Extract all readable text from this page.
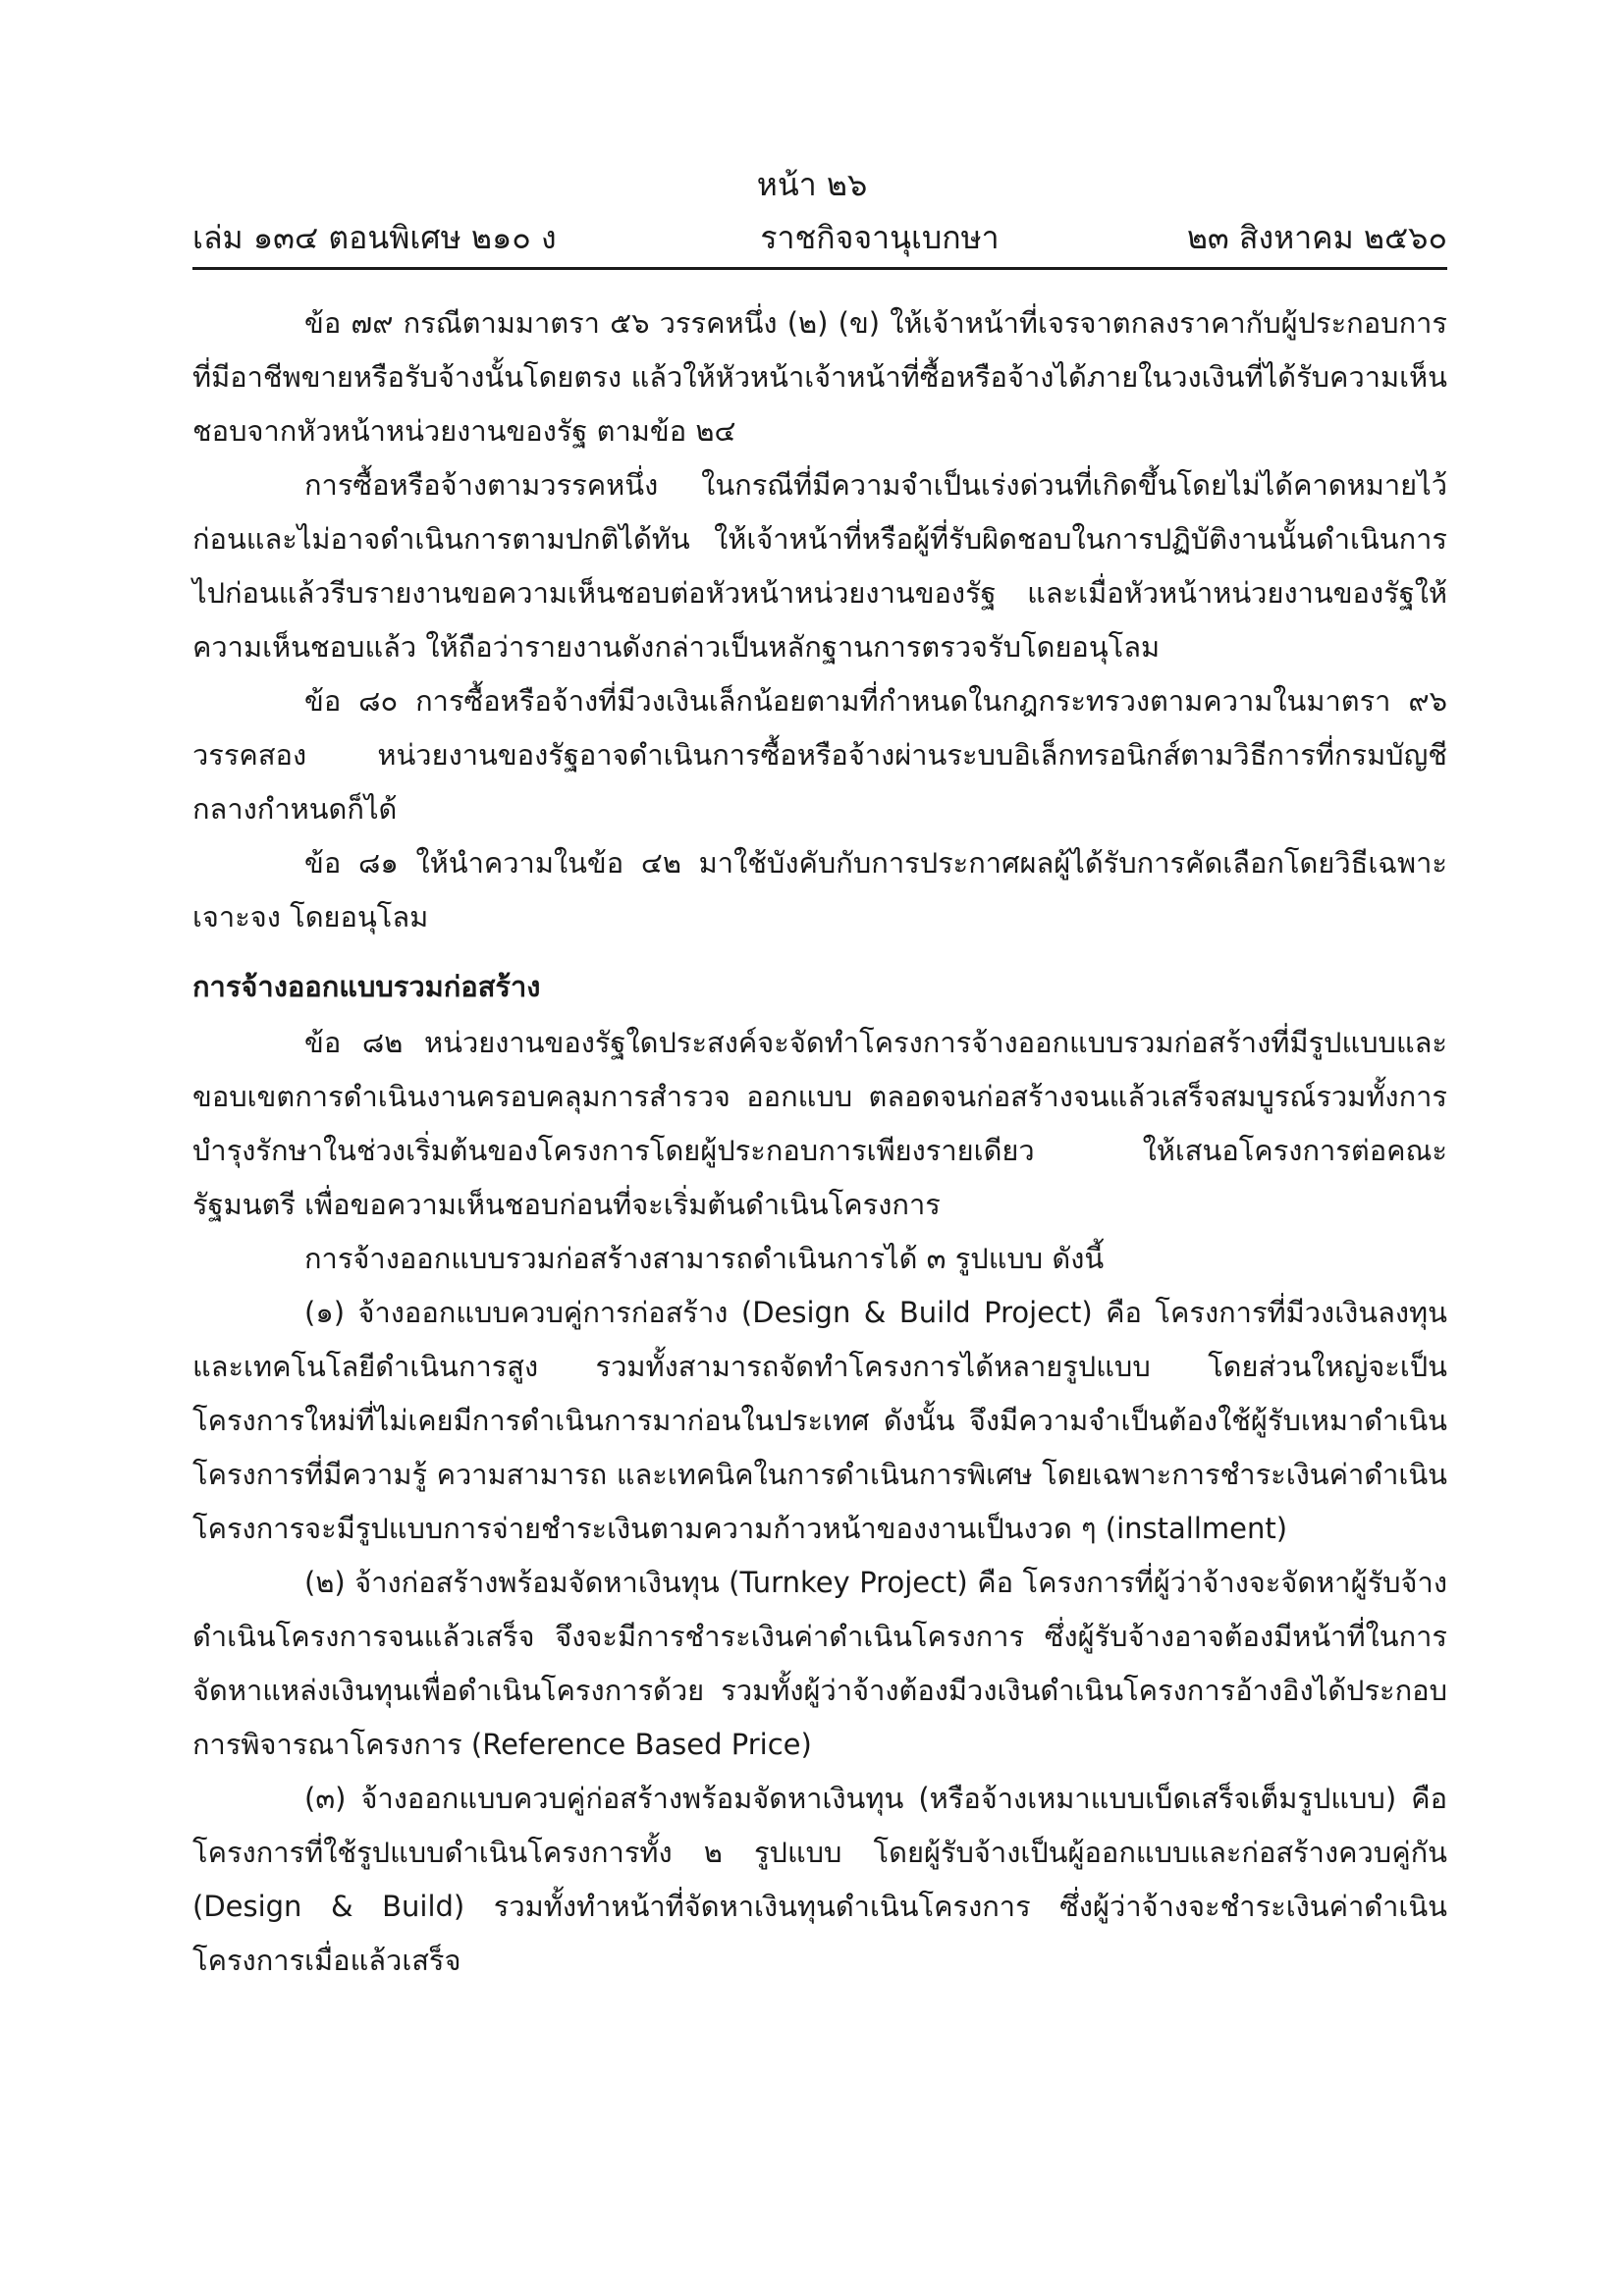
หน้า ๒๖
เล่ม ๑๓๔ ตอนพิเศษ ๒๑๐ ง	ราชกิจจานุเบกษา	๒๓ สิงหาคม ๒๕๖๐

ข้อ ๗๙ กรณีตามมาตรา ๕๖ วรรคหนึ่ง (๒) (ข) ให้เจ้าหน้าที่เจรจาตกลงราคากับผู้ประกอบการที่มีอาชีพขายหรือรับจ้างนั้นโดยตรง แล้วให้หัวหน้าเจ้าหน้าที่ซื้อหรือจ้างได้ภายในวงเงินที่ได้รับความเห็นชอบจากหัวหน้าหน่วยงานของรัฐ ตามข้อ ๒๔

การซื้อหรือจ้างตามวรรคหนึ่ง ในกรณีที่มีความจำเป็นเร่งด่วนที่เกิดขึ้นโดยไม่ได้คาดหมายไว้ก่อนและไม่อาจดำเนินการตามปกติได้ทัน ให้เจ้าหน้าที่หรือผู้ที่รับผิดชอบในการปฏิบัติงานนั้นดำเนินการไปก่อนแล้วรีบรายงานขอความเห็นชอบต่อหัวหน้าหน่วยงานของรัฐ และเมื่อหัวหน้าหน่วยงานของรัฐให้ความเห็นชอบแล้ว ให้ถือว่ารายงานดังกล่าวเป็นหลักฐานการตรวจรับโดยอนุโลม

ข้อ ๘๐ การซื้อหรือจ้างที่มีวงเงินเล็กน้อยตามที่กำหนดในกฎกระทรวงตามความในมาตรา ๙๖ วรรคสอง หน่วยงานของรัฐอาจดำเนินการซื้อหรือจ้างผ่านระบบอิเล็กทรอนิกส์ตามวิธีการที่กรมบัญชีกลางกำหนดก็ได้

ข้อ ๘๑ ให้นำความในข้อ ๔๒ มาใช้บังคับกับการประกาศผลผู้ได้รับการคัดเลือกโดยวิธีเฉพาะเจาะจง โดยอนุโลม

การจ้างออกแบบรวมก่อสร้าง

ข้อ ๘๒ หน่วยงานของรัฐใดประสงค์จะจัดทำโครงการจ้างออกแบบรวมก่อสร้างที่มีรูปแบบและขอบเขตการดำเนินงานครอบคลุมการสำรวจ ออกแบบ ตลอดจนก่อสร้างจนแล้วเสร็จสมบูรณ์รวมทั้งการบำรุงรักษาในช่วงเริ่มต้นของโครงการโดยผู้ประกอบการเพียงรายเดียว ให้เสนอโครงการต่อคณะรัฐมนตรี เพื่อขอความเห็นชอบก่อนที่จะเริ่มต้นดำเนินโครงการ

การจ้างออกแบบรวมก่อสร้างสามารถดำเนินการได้ ๓ รูปแบบ ดังนี้

(๑) จ้างออกแบบควบคู่การก่อสร้าง (Design & Build Project) คือ โครงการที่มีวงเงินลงทุนและเทคโนโลยีดำเนินการสูง รวมทั้งสามารถจัดทำโครงการได้หลายรูปแบบ โดยส่วนใหญ่จะเป็นโครงการใหม่ที่ไม่เคยมีการดำเนินการมาก่อนในประเทศ ดังนั้น จึงมีความจำเป็นต้องใช้ผู้รับเหมาดำเนินโครงการที่มีความรู้ ความสามารถ และเทคนิคในการดำเนินการพิเศษ โดยเฉพาะการชำระเงินค่าดำเนินโครงการจะมีรูปแบบการจ่ายชำระเงินตามความก้าวหน้าของงานเป็นงวด ๆ (installment)

(๒) จ้างก่อสร้างพร้อมจัดหาเงินทุน (Turnkey Project) คือ โครงการที่ผู้ว่าจ้างจะจัดหาผู้รับจ้างดำเนินโครงการจนแล้วเสร็จ จึงจะมีการชำระเงินค่าดำเนินโครงการ ซึ่งผู้รับจ้างอาจต้องมีหน้าที่ในการจัดหาแหล่งเงินทุนเพื่อดำเนินโครงการด้วย รวมทั้งผู้ว่าจ้างต้องมีวงเงินดำเนินโครงการอ้างอิงได้ประกอบการพิจารณาโครงการ (Reference Based Price)

(๓) จ้างออกแบบควบคู่ก่อสร้างพร้อมจัดหาเงินทุน (หรือจ้างเหมาแบบเบ็ดเสร็จเต็มรูปแบบ) คือ โครงการที่ใช้รูปแบบดำเนินโครงการทั้ง ๒ รูปแบบ โดยผู้รับจ้างเป็นผู้ออกแบบและก่อสร้างควบคู่กัน (Design & Build) รวมทั้งทำหน้าที่จัดหาเงินทุนดำเนินโครงการ ซึ่งผู้ว่าจ้างจะชำระเงินค่าดำเนินโครงการเมื่อแล้วเสร็จ
